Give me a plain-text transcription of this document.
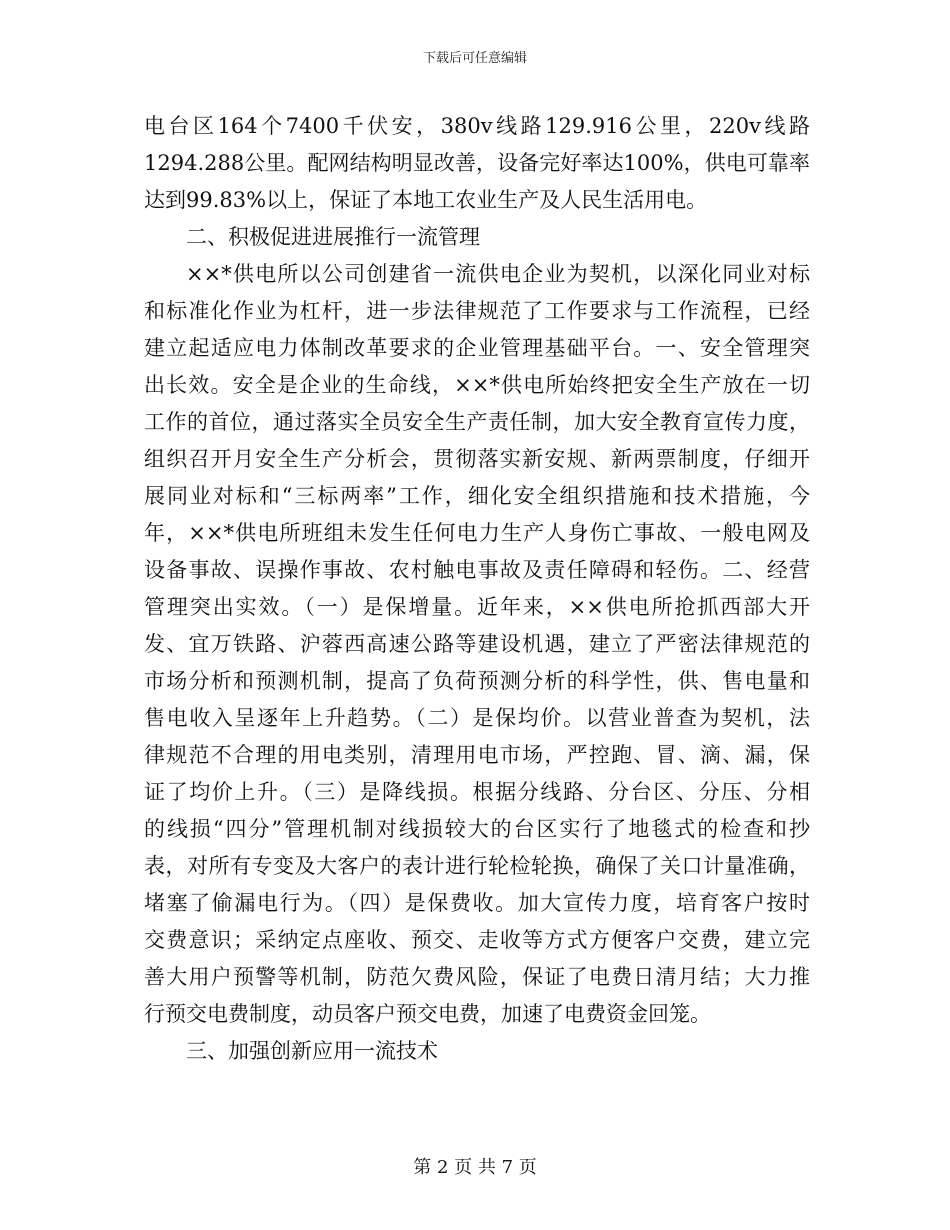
下载后可任意编辑
电台区164个7400千伏安，380v线路129.916公里，220v线路
1294.288公里。配网结构明显改善，设备完好率达100%，供电可靠率
达到99.83%以上，保证了本地工农业生产及人民生活用电。
二、积极促进进展推行一流管理
××*供电所以公司创建省一流供电企业为契机，以深化同业对标
和标准化作业为杠杆，进一步法律规范了工作要求与工作流程，已经
建立起适应电力体制改革要求的企业管理基础平台。一、安全管理突
出长效。安全是企业的生命线，××*供电所始终把安全生产放在一切
工作的首位，通过落实全员安全生产责任制，加大安全教育宣传力度，
组织召开月安全生产分析会，贯彻落实新安规、新两票制度，仔细开
展同业对标和“三标两率”工作，细化安全组织措施和技术措施，今
年，××*供电所班组未发生任何电力生产人身伤亡事故、一般电网及
设备事故、误操作事故、农村触电事故及责任障碍和轻伤。二、经营
管理突出实效。（一）是保增量。近年来，××供电所抢抓西部大开
发、宜万铁路、沪蓉西高速公路等建设机遇，建立了严密法律规范的
市场分析和预测机制，提高了负荷预测分析的科学性，供、售电量和
售电收入呈逐年上升趋势。（二）是保均价。以营业普查为契机，法
律规范不合理的用电类别，清理用电市场，严控跑、冒、滴、漏，保
证了均价上升。（三）是降线损。根据分线路、分台区、分压、分相
的线损“四分”管理机制对线损较大的台区实行了地毯式的检查和抄
表，对所有专变及大客户的表计进行轮检轮换，确保了关口计量准确，
堵塞了偷漏电行为。（四）是保费收。加大宣传力度，培育客户按时
交费意识；采纳定点座收、预交、走收等方式方便客户交费，建立完
善大用户预警等机制，防范欠费风险，保证了电费日清月结；大力推
行预交电费制度，动员客户预交电费，加速了电费资金回笼。
三、加强创新应用一流技术
第 2 页 共 7 页
